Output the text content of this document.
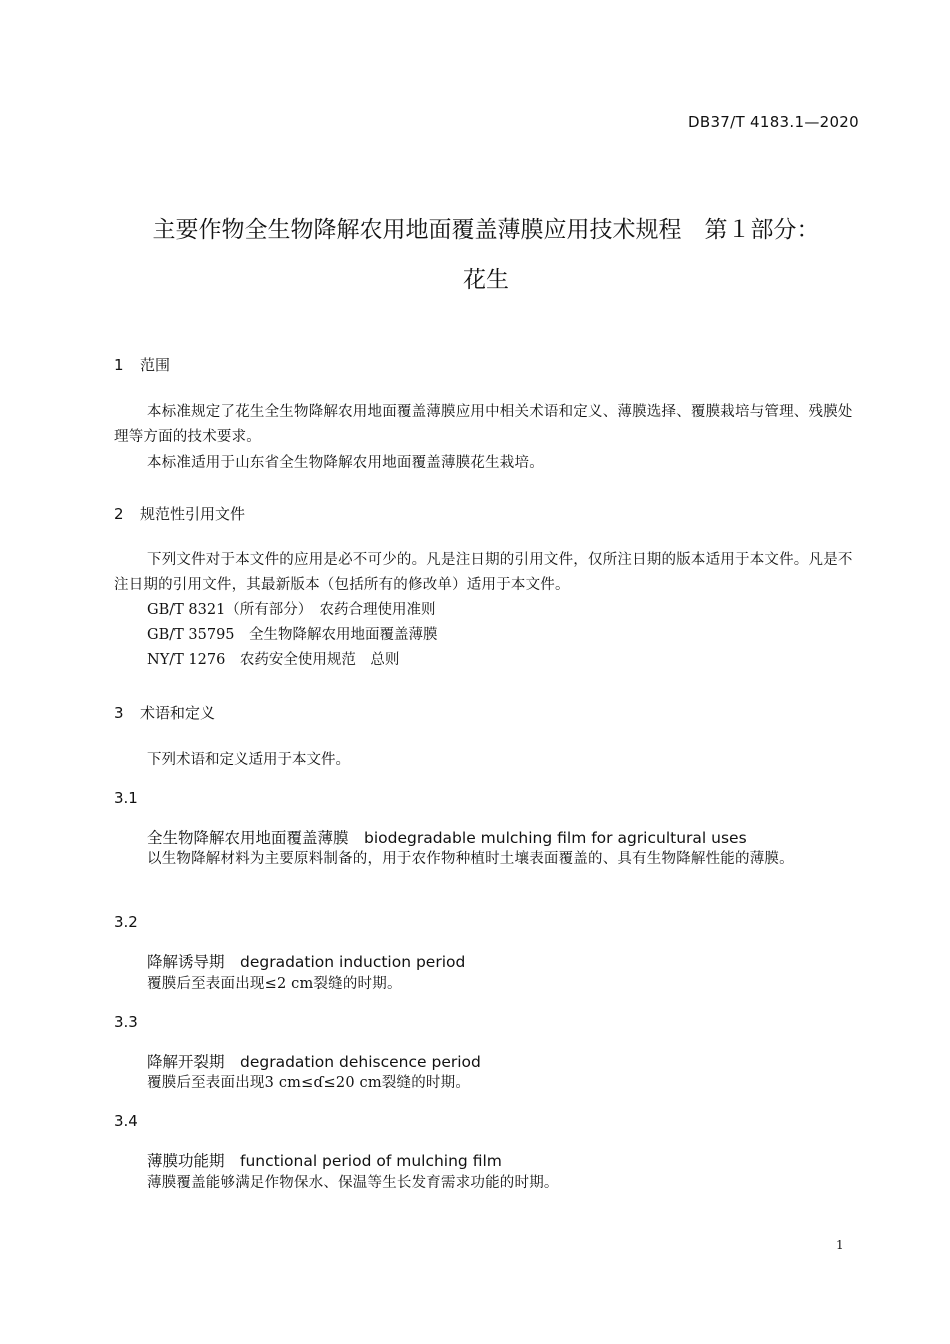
DB37/T 4183.1—2020
主要作物全生物降解农用地面覆盖薄膜应用技术规程　第１部分：
花生
1 范围

本标准规定了花生全生物降解农用地面覆盖薄膜应用中相关术语和定义、薄膜选择、覆膜栽培与管理、残膜处理等方面的技术要求。

本标准适用于山东省全生物降解农用地面覆盖薄膜花生栽培。

2 规范性引用文件

下列文件对于本文件的应用是必不可少的。凡是注日期的引用文件，仅所注日期的版本适用于本文件。凡是不注日期的引用文件，其最新版本（包括所有的修改单）适用于本文件。

GB/T 8321（所有部分）　农药合理使用准则
GB/T 35795　全生物降解农用地面覆盖薄膜
NY/T 1276　农药安全使用规范　总则
3 术语和定义
下列术语和定义适用于本文件。
3.1
全生物降解农用地面覆盖薄膜　biodegradable mulching film for agricultural uses

以生物降解材料为主要原料制备的，用于农作物种植时土壤表面覆盖的、具有生物降解性能的薄膜。

3.2
降解诱导期　degradation induction period

覆膜后至表面出现≤2 cm裂缝的时期。

3.3
降解开裂期　degradation dehiscence period

覆膜后至表面出现3 cm≤ɗ≤20 cm裂缝的时期。

3.4
薄膜功能期　functional period of mulching film

薄膜覆盖能够满足作物保水、保温等生长发育需求功能的时期。

1
